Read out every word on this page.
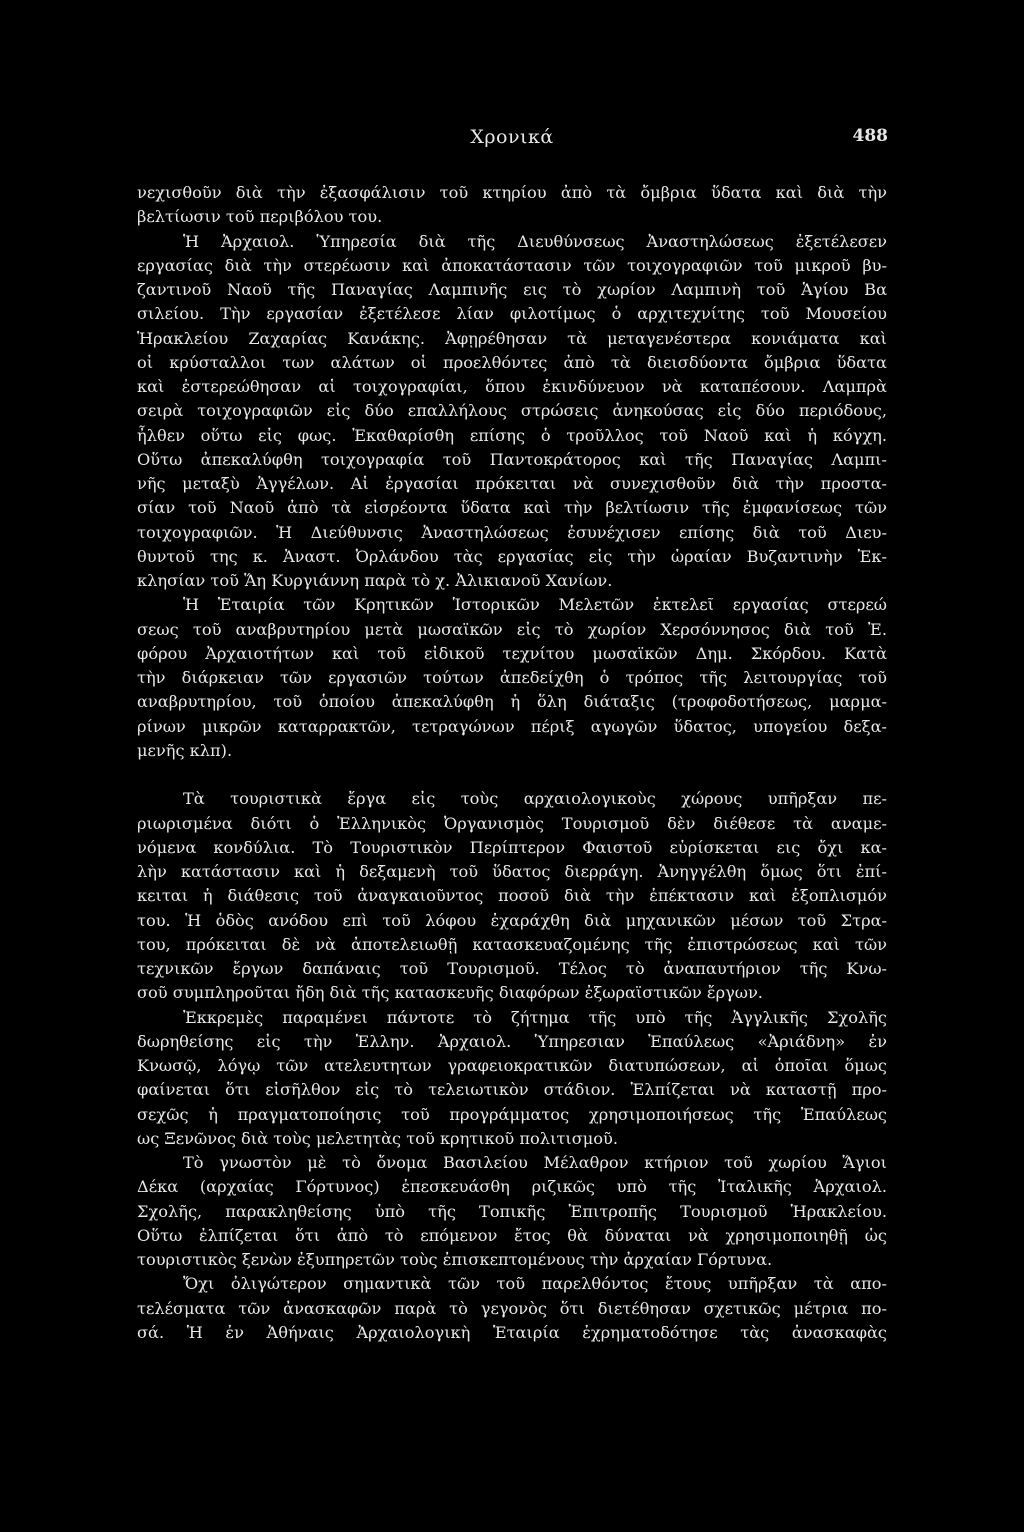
Χρονικά	488
νεχισθοῦν διὰ τὴν ἐξασφάλισιν τοῦ κτηρίου ἀπὸ τὰ ὄμβρια ὕδατα καὶ διὰ τὴν
βελτίωσιν τοῦ περιβόλου του.
Ἡ Ἀρχαιολ. Ὑπηρεσία διὰ τῆς Διευθύνσεως Ἀναστηλώσεως ἐξετέλεσεν
εργασίας διὰ τὴν στερέωσιν καὶ ἀποκατάστασιν τῶν τοιχογραφιῶν τοῦ μικροῦ βυ-
ζαντινοῦ Ναοῦ τῆς Παναγίας Λαμπινῆς εις τὸ χωρίον Λαμπινὴ τοῦ Ἁγίου Βα
σιλείου. Τὴν εργασίαν ἐξετέλεσε λίαν φιλοτίμως ὁ αρχιτεχνίτης τοῦ Μουσείου
Ἡρακλείου Ζαχαρίας Κανάκης. Ἀφῃρέθησαν τὰ μεταγενέστερα κονιάματα καὶ
οἱ κρύσταλλοι των αλάτων οἱ προελθόντες ἀπὸ τὰ διεισδύοντα ὄμβρια ὕδατα
καὶ ἐστερεώθησαν αἱ τοιχογραφίαι, ὅπου ἐκινδύνευον νὰ καταπέσουν. Λαμπρὰ
σειρὰ τοιχογραφιῶν εἰς δύο επαλλήλους στρώσεις ἀνηκούσας εἰς δύο περιόδους,
ἦλθεν οὕτω εἰς φως. Ἐκαθαρίσθη επίσης ὁ τροῦλλος τοῦ Ναοῦ καὶ ἡ κόγχη.
Οὕτω ἀπεκαλύφθη τοιχογραφία τοῦ Παντοκράτορος καὶ τῆς Παναγίας Λαμπι-
νῆς μεταξὺ Ἀγγέλων. Αἱ ἐργασίαι πρόκειται νὰ συνεχισθοῦν διὰ τὴν προστα-
σίαν τοῦ Ναοῦ ἀπὸ τὰ εἰσρέοντα ὕδατα καὶ τὴν βελτίωσιν τῆς ἐμφανίσεως τῶν
τοιχογραφιῶν. Ἡ Διεύθυνσις Ἀναστηλώσεως ἐσυνέχισεν επίσης διὰ τοῦ Διευ-
θυντοῦ της κ. Ἀναστ. Ὀρλάνδου τὰς εργασίας εἰς τὴν ὡραίαν Βυζαντινὴν Ἐκ-
κλησίαν τοῦ Ἅη Κυργιάννη παρὰ τὸ χ. Ἀλικιανοῦ Χανίων.
Ἡ Ἑταιρία τῶν Κρητικῶν Ἱστορικῶν Μελετῶν ἐκτελεῖ εργασίας στερεώ
σεως τοῦ αναβρυτηρίου μετὰ μωσαϊκῶν εἰς τὸ χωρίον Χερσόννησος διὰ τοῦ Ἐ.
φόρου Ἀρχαιοτήτων καὶ τοῦ εἰδικοῦ τεχνίτου μωσαϊκῶν Δημ. Σκόρδου. Κατὰ
τὴν διάρκειαν τῶν εργασιῶν τούτων ἀπεδείχθη ὁ τρόπος τῆς λειτουργίας τοῦ
αναβρυτηρίου, τοῦ ὁποίου ἀπεκαλύφθη ἡ ὅλη διάταξις (τροφοδοτήσεως, μαρμα-
ρίνων μικρῶν καταρρακτῶν, τετραγώνων πέριξ αγωγῶν ὕδατος, υπογείου δεξα-
μενῆς κλπ).
Τὰ τουριστικὰ ἔργα εἰς τοὺς αρχαιολογικοὺς χώρους υπῆρξαν πε-
ριωρισμένα διότι ὁ Ἑλληνικὸς Ὀργανισμὸς Τουρισμοῦ δὲν διέθεσε τὰ αναμε-
νόμενα κονδύλια. Τὸ Τουριστικὸν Περίπτερον Φαιστοῦ εὑρίσκεται εις ὄχι κα-
λὴν κατάστασιν καὶ ἡ δεξαμενὴ τοῦ ὕδατος διερράγη. Ἀνηγγέλθη ὅμως ὅτι ἐπί-
κειται ἡ διάθεσις τοῦ ἀναγκαιοῦντος ποσοῦ διὰ τὴν ἐπέκτασιν καὶ ἐξοπλισμόν
του. Ἡ ὁδὸς ανόδου επὶ τοῦ λόφου ἐχαράχθη διὰ μηχανικῶν μέσων τοῦ Στρα-
του, πρόκειται δὲ νὰ ἀποτελειωθῇ κατασκευαζομένης τῆς ἐπιστρώσεως καὶ τῶν
τεχνικῶν ἔργων δαπάναις τοῦ Τουρισμοῦ. Τέλος τὸ ἀναπαυτήριον τῆς Κνω-
σοῦ συμπληροῦται ἤδη διὰ τῆς κατασκευῆς διαφόρων ἐξωραϊστικῶν ἔργων.
Ἐκκρεμὲς παραμένει πάντοτε τὸ ζήτημα τῆς υπὸ τῆς Ἀγγλικῆς Σχολῆς
δωρηθείσης εἰς τὴν Ἑλλην. Ἀρχαιολ. Ὑπηρεσιαν Ἐπαύλεως «Ἀριάδνη» ἐν
Κνωσῷ, λόγῳ τῶν ατελευτητων γραφειοκρατικῶν διατυπώσεων, αἱ ὁποῖαι ὅμως
φαίνεται ὅτι εἰσῆλθον εἰς τὸ τελειωτικὸν στάδιον. Ἐλπίζεται νὰ καταστῇ προ-
σεχῶς ἡ πραγματοποίησις τοῦ προγράμματος χρησιμοποιήσεως τῆς Ἐπαύλεως
ως Ξενῶνος διὰ τοὺς μελετητὰς τοῦ κρητικοῦ πολιτισμοῦ.
Τὸ γνωστὸν μὲ τὸ ὄνομα Βασιλείου Μέλαθρον κτήριον τοῦ χωρίου Ἅγιοι
Δέκα (αρχαίας Γόρτυνος) ἐπεσκευάσθη ριζικῶς υπὸ τῆς Ἰταλικῆς Ἀρχαιολ.
Σχολῆς, παρακληθείσης ὑπὸ τῆς Τοπικῆς Ἐπιτροπῆς Τουρισμοῦ Ἡρακλείου.
Οὕτω ἐλπίζεται ὅτι ἀπὸ τὸ επόμενον ἔτος θὰ δύναται νὰ χρησιμοποιηθῇ ὡς
τουριστικὸς ξενὼν ἐξυπηρετῶν τοὺς ἐπισκεπτομένους τὴν ἀρχαίαν Γόρτυνα.
Ὄχι ὀλιγώτερον σημαντικὰ τῶν τοῦ παρελθόντος ἔτους υπῆρξαν τὰ απο-
τελέσματα τῶν ἀνασκαφῶν παρὰ τὸ γεγονὸς ὅτι διετέθησαν σχετικῶς μέτρια πο-
σά. Ἡ ἐν Ἀθήναις Ἀρχαιολογικὴ Ἑταιρία ἐχρηματοδότησε τὰς ἀνασκαφὰς
